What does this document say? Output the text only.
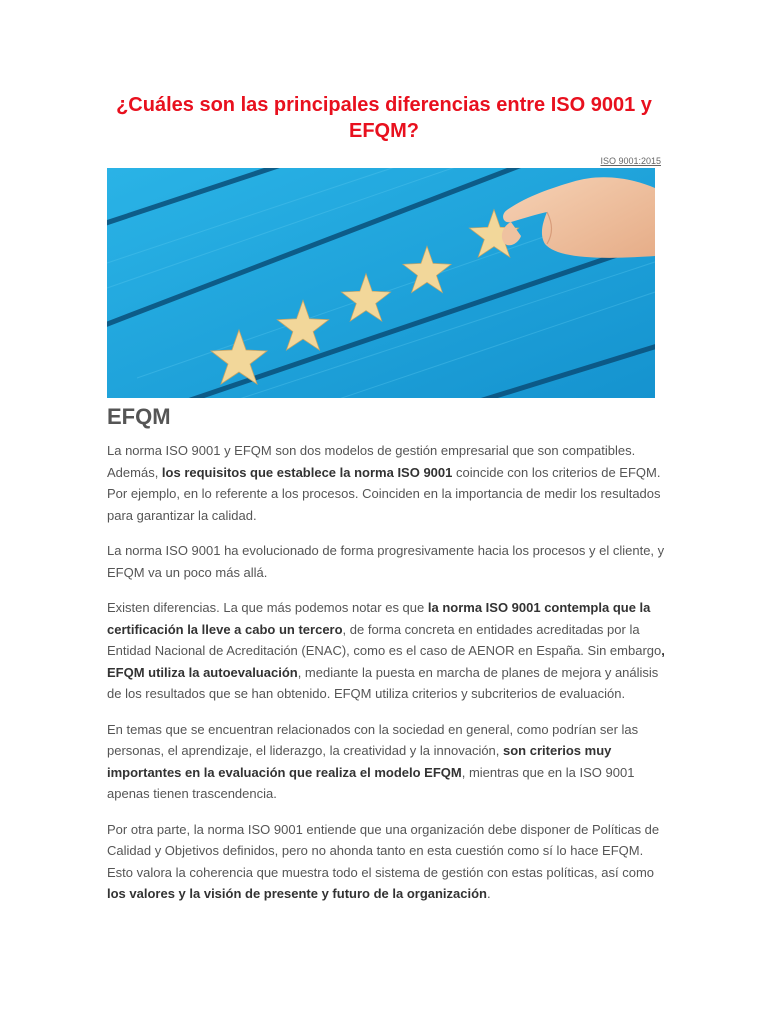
¿Cuáles son las principales diferencias entre ISO 9001 y EFQM?
ISO 9001:2015
EFQM

La norma ISO 9001 y EFQM son dos modelos de gestión empresarial que son compatibles. Además, los requisitos que establece la norma ISO 9001 coincide con los criterios de EFQM. Por ejemplo, en lo referente a los procesos. Coinciden en la importancia de medir los resultados para garantizar la calidad.

La norma ISO 9001 ha evolucionado de forma progresivamente hacia los procesos y el cliente, y EFQM va un poco más allá.

Existen diferencias. La que más podemos notar es que la norma ISO 9001 contempla que la certificación la lleve a cabo un tercero, de forma concreta en entidades acreditadas por la Entidad Nacional de Acreditación (ENAC), como es el caso de AENOR en España. Sin embargo, EFQM utiliza la autoevaluación, mediante la puesta en marcha de planes de mejora y análisis de los resultados que se han obtenido. EFQM utiliza criterios y subcriterios de evaluación.

En temas que se encuentran relacionados con la sociedad en general, como podrían ser las personas, el aprendizaje, el liderazgo, la creatividad y la innovación, son criterios muy importantes en la evaluación que realiza el modelo EFQM, mientras que en la ISO 9001 apenas tienen trascendencia.

Por otra parte, la norma ISO 9001 entiende que una organización debe disponer de Políticas de Calidad y Objetivos definidos, pero no ahonda tanto en esta cuestión como sí lo hace EFQM. Esto valora la coherencia que muestra todo el sistema de gestión con estas políticas, así como los valores y la visión de presente y futuro de la organización.
